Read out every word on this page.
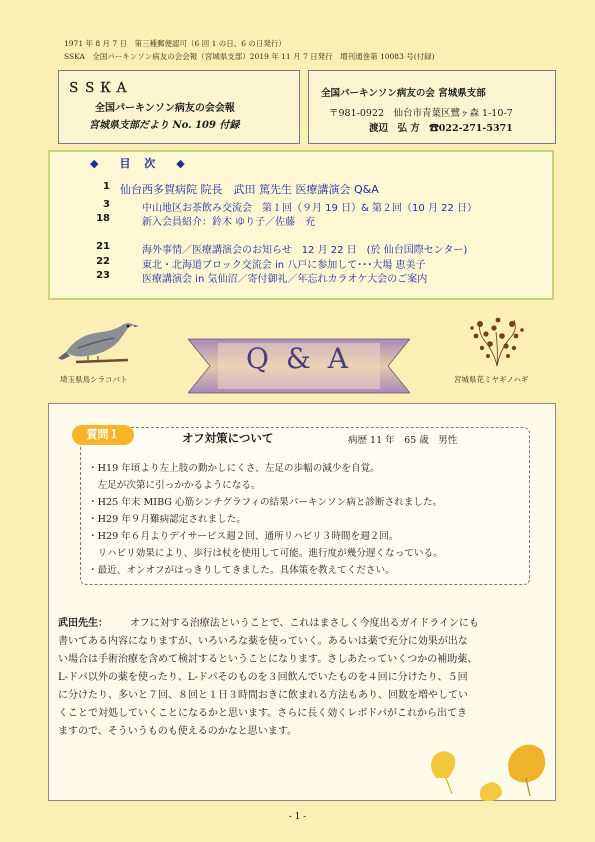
1971 年 8 月 7 日　第三種郵便認可（6 回 1 の日、6 の日発行）
SSKA　全国パーキンソン病友の会会報（宮城県支部）2019 年 11 月 7 日発行　増刊通巻第 10083 号(付録)
ＳＳＫＡ
全国パーキンソン病友の会会報
宮城県支部だより No. 109 付録
全国パーキンソン病友の会 宮城県支部
〒981-0922　仙台市青葉区鷺ヶ森 1-10-7
渡辺　弘 方　☎022-271-5371
◆　目 次　◆
1 仙台西多賀病院 院長　武田 篤先生 医療講演会 Q&A
3	中山地区お茶飲み交流会　第１回（９月 19 日）& 第２回（10 月 22 日）
18	新入会員紹介：鈴木 ゆり子／佐藤　充
21	海外事情／医療講演会のお知らせ　12 月 22 日　(於 仙台国際センター)
22	東北・北海道ブロック交流会 in 八戸に参加して･･･大場 恵美子
23	医療講演会 in 気仙沼／寄付御礼／年忘れカラオケ大会のご案内
埼玉県鳥シラコバト
Q & A
宮城県花ミヤギノハギ
質問１	オフ対策について	病歴 11 年　65 歳　男性
・H19 年頃より左上肢の動かしにくさ、左足の歩幅の減少を自覚。
　左足が次第に引っかかるようになる。
・H25 年末 MIBG 心筋シンチグラフィの結果パーキンソン病と診断されました。
・H29 年９月難病認定されました。
・H29 年６月よりデイサービス週２回、通所リハビリ３時間を週２回。
　リハビリ効果により、歩行は杖を使用して可能。進行度が幾分遅くなっている。
・最近、オンオフがはっきりしてきました。具体策を教えてください。
武田先生： オフに対する治療法ということで、これはまさしく今度出るガイドラインにも
書いてある内容になりますが、いろいろな薬を使っていく。あるいは薬で充分に効果が出な
い場合は手術治療を含めて検討するということになります。さしあたっていくつかの補助薬、
L-ドパ以外の薬を使ったり、L-ドパそのものを３回飲んでいたものを４回に分けたり、５回
に分けたり、多いと７回、８回と１日３時間おきに飲まれる方法もあり、回数を増やしてい
くことで対処していくことになるかと思います。さらに長く効くレボドパがこれから出てき
ますので、そういうものも使えるのかなと思います。
- 1 -
